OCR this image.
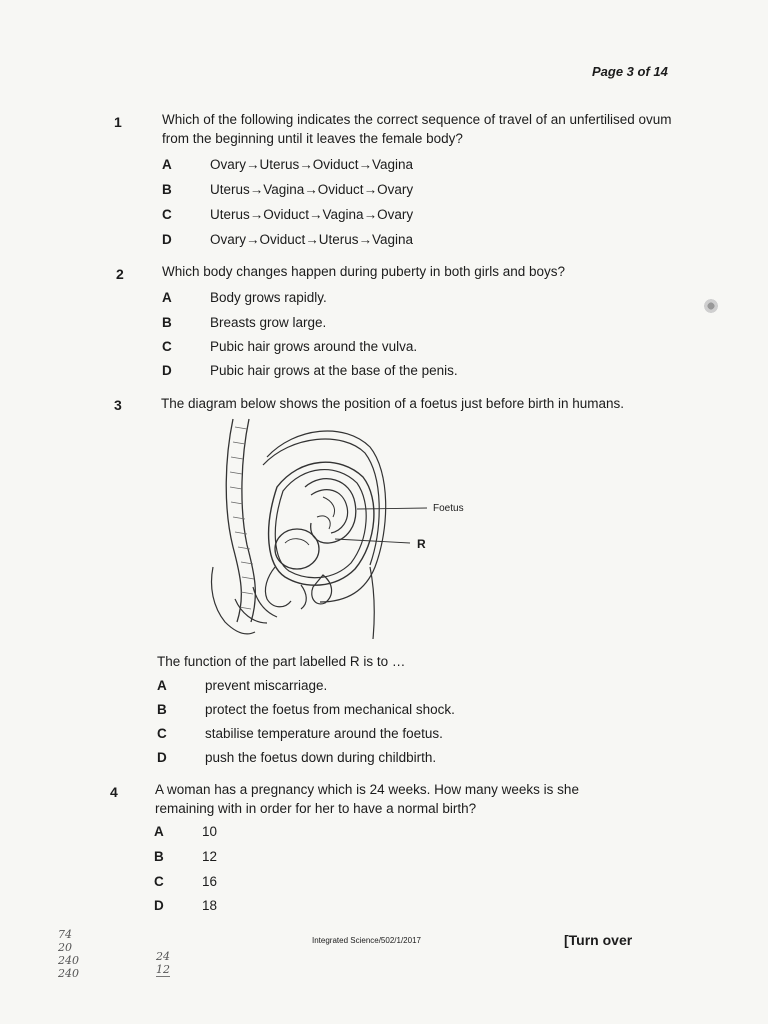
Page 3 of 14
1	Which of the following indicates the correct sequence of travel of an unfertilised ovum from the beginning until it leaves the female body?
A	Ovary→Uterus→Oviduct→Vagina
B	Uterus→Vagina→Oviduct→Ovary
C	Uterus→Oviduct→Vagina→Ovary
D	Ovary→Oviduct→Uterus→Vagina
2	Which body changes happen during puberty in both girls and boys?
A	Body grows rapidly.
B	Breasts grow large.
C	Pubic hair grows around the vulva.
D	Pubic hair grows at the base of the penis.
3	The diagram below shows the position of a foetus just before birth in humans.
Foetus
R
The function of the part labelled R is to …
A	prevent miscarriage.
B	protect the foetus from mechanical shock.
C	stabilise temperature around the foetus.
D	push the foetus down during childbirth.
4	A woman has a pregnancy which is 24 weeks. How many weeks is she remaining with in order for her to have a normal birth?
A	10
B	12
C	16
D	18
Integrated Science/502/1/2017	[Turn over
74
20
240
240
24
12
